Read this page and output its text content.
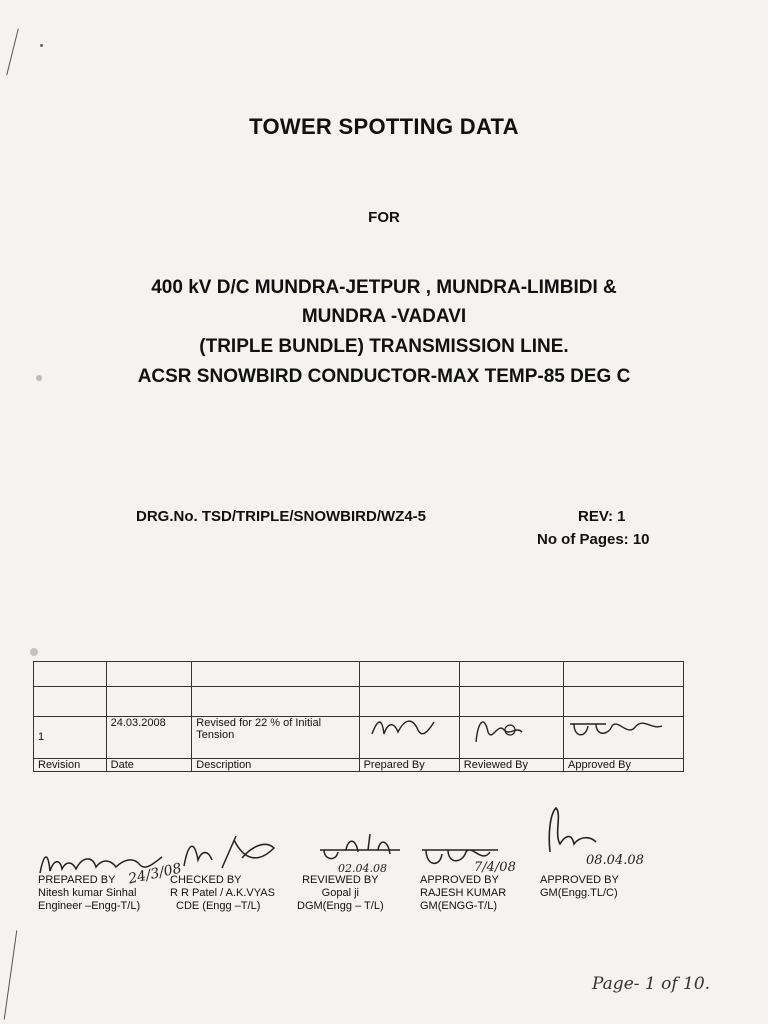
TOWER SPOTTING DATA
FOR
400 kV D/C MUNDRA-JETPUR , MUNDRA-LIMBIDI &
MUNDRA -VADAVI
(TRIPLE BUNDLE) TRANSMISSION LINE.
ACSR SNOWBIRD CONDUCTOR-MAX TEMP-85 DEG C
DRG.No. TSD/TRIPLE/SNOWBIRD/WZ4-5	REV: 1
No of Pages: 10

1	24.03.2008	Revised for 22 % of Initial Tension			
Revision	Date	Description	Prepared By	Reviewed By	Approved By
24/3/08	02.04.08	7/4/08	08.04.08
PREPARED BY
Nitesh kumar Sinhal
Engineer –Engg-T/L)
CHECKED BY
R R Patel / A.K.VYAS
CDE (Engg –T/L)
REVIEWED BY
Gopal ji
DGM(Engg – T/L)
APPROVED BY
RAJESH KUMAR
GM(ENGG-T/L)
APPROVED BY
GM(Engg.TL/C)
Page- 1 of 10.
